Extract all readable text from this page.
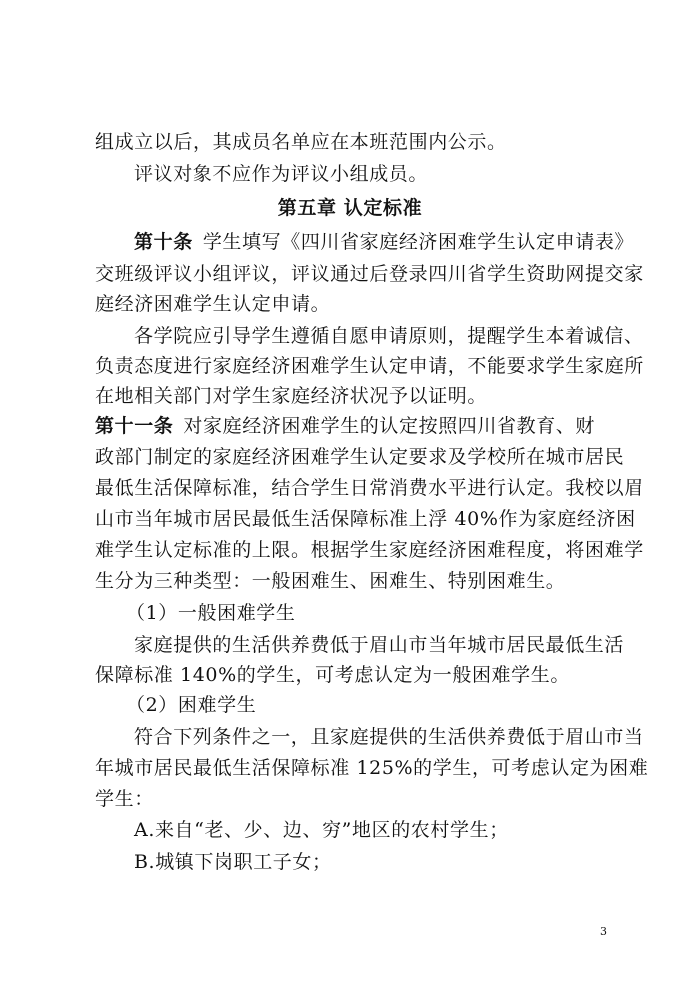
组成立以后，其成员名单应在本班范围内公示。
评议对象不应作为评议小组成员。
第五章 认定标准
第十条 学生填写《四川省家庭经济困难学生认定申请表》
交班级评议小组评议，评议通过后登录四川省学生资助网提交家
庭经济困难学生认定申请。
各学院应引导学生遵循自愿申请原则，提醒学生本着诚信、
负责态度进行家庭经济困难学生认定申请，不能要求学生家庭所
在地相关部门对学生家庭经济状况予以证明。
第十一条 对家庭经济困难学生的认定按照四川省教育、财
政部门制定的家庭经济困难学生认定要求及学校所在城市居民
最低生活保障标准，结合学生日常消费水平进行认定。我校以眉
山市当年城市居民最低生活保障标准上浮 40%作为家庭经济困
难学生认定标准的上限。根据学生家庭经济困难程度，将困难学
生分为三种类型：一般困难生、困难生、特别困难生。
（1）一般困难学生
家庭提供的生活供养费低于眉山市当年城市居民最低生活
保障标准 140%的学生，可考虑认定为一般困难学生。
（2）困难学生
符合下列条件之一，且家庭提供的生活供养费低于眉山市当
年城市居民最低生活保障标准 125%的学生，可考虑认定为困难
学生：
A.来自“老、少、边、穷”地区的农村学生；
B.城镇下岗职工子女；
3
